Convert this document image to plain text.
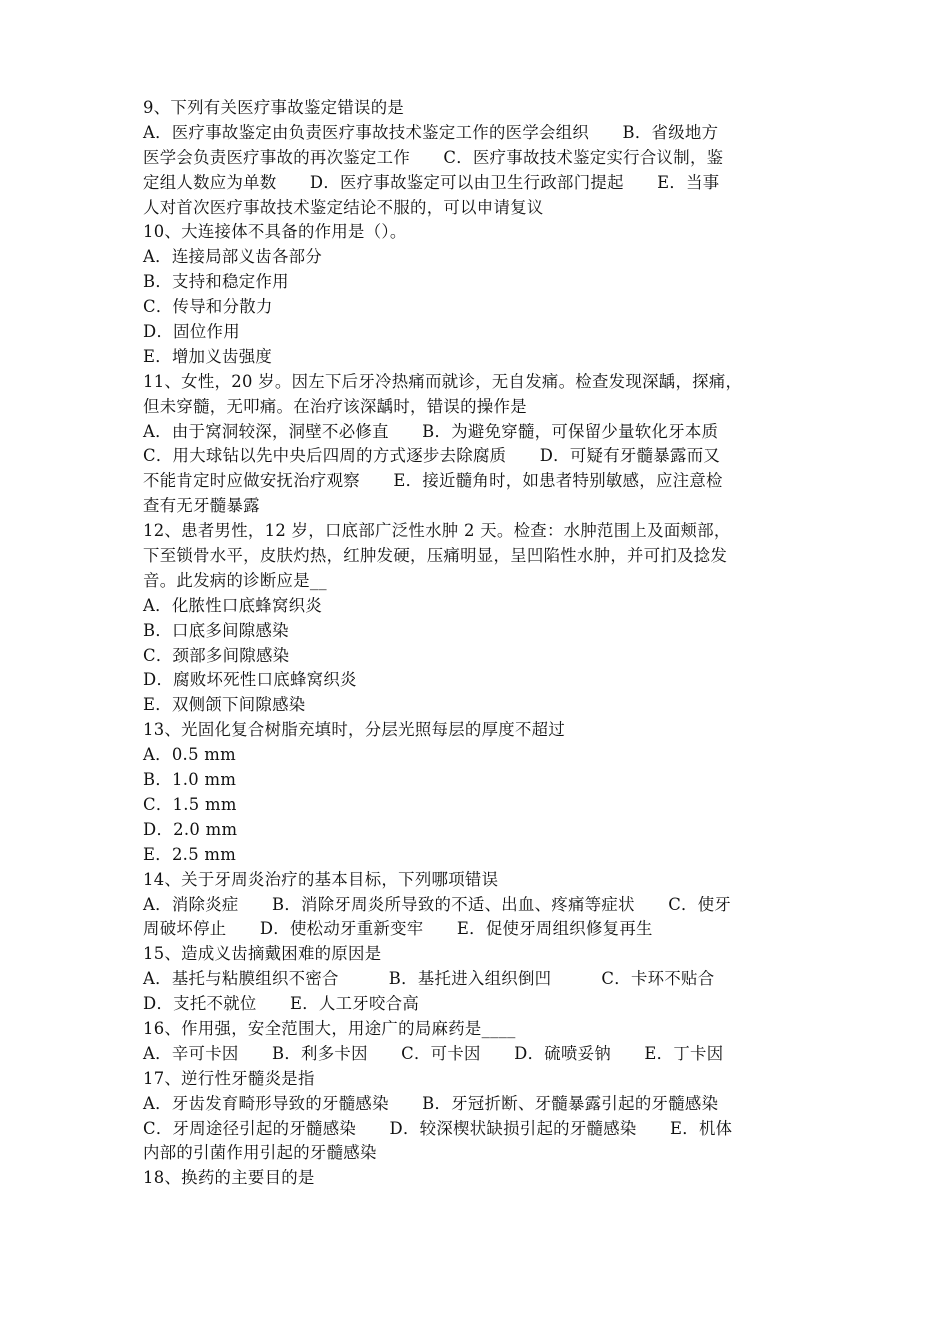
9、下列有关医疗事故鉴定错误的是
A．医疗事故鉴定由负责医疗事故技术鉴定工作的医学会组织　　B．省级地方
医学会负责医疗事故的再次鉴定工作　　C．医疗事故技术鉴定实行合议制，鉴
定组人数应为单数　　D．医疗事故鉴定可以由卫生行政部门提起　　E．当事
人对首次医疗事故技术鉴定结论不服的，可以申请复议
10、大连接体不具备的作用是（）。
A．连接局部义齿各部分
B．支持和稳定作用
C．传导和分散力
D．固位作用
E．增加义齿强度
11、女性，20 岁。因左下后牙冷热痛而就诊，无自发痛。检查发现深龋，探痛，
但未穿髓，无叩痛。在治疗该深龋时，错误的操作是
A．由于窝洞较深，洞壁不必修直　　B．为避免穿髓，可保留少量软化牙本质
C．用大球钻以先中央后四周的方式逐步去除腐质　　D．可疑有牙髓暴露而又
不能肯定时应做安抚治疗观察　　E．接近髓角时，如患者特别敏感，应注意检
查有无牙髓暴露
12、患者男性，12 岁，口底部广泛性水肿 2 天。检查：水肿范围上及面颊部，
下至锁骨水平，皮肤灼热，红肿发硬，压痛明显，呈凹陷性水肿，并可扪及捻发
音。此发病的诊断应是__
A．化脓性口底蜂窝织炎
B．口底多间隙感染
C．颈部多间隙感染
D．腐败坏死性口底蜂窝织炎
E．双侧颌下间隙感染
13、光固化复合树脂充填时，分层光照每层的厚度不超过
A．0.5 mm
B．1.0 mm
C．1.5 mm
D．2.0 mm
E．2.5 mm
14、关于牙周炎治疗的基本目标，下列哪项错误
A．消除炎症　　B．消除牙周炎所导致的不适、出血、疼痛等症状　　C．使牙
周破坏停止　　D．使松动牙重新变牢　　E．促使牙周组织修复再生
15、造成义齿摘戴困难的原因是
A．基托与粘膜组织不密合　　　B．基托进入组织倒凹　　　C．卡环不贴合
D．支托不就位　　E．人工牙咬合高
16、作用强，安全范围大，用途广的局麻药是____
A．辛可卡因　　B．利多卡因　　C．可卡因　　D．硫喷妥钠　　E．丁卡因
17、逆行性牙髓炎是指
A．牙齿发育畸形导致的牙髓感染　　B．牙冠折断、牙髓暴露引起的牙髓感染
C．牙周途径引起的牙髓感染　　D．较深楔状缺损引起的牙髓感染　　E．机体
内部的引菌作用引起的牙髓感染
18、换药的主要目的是
